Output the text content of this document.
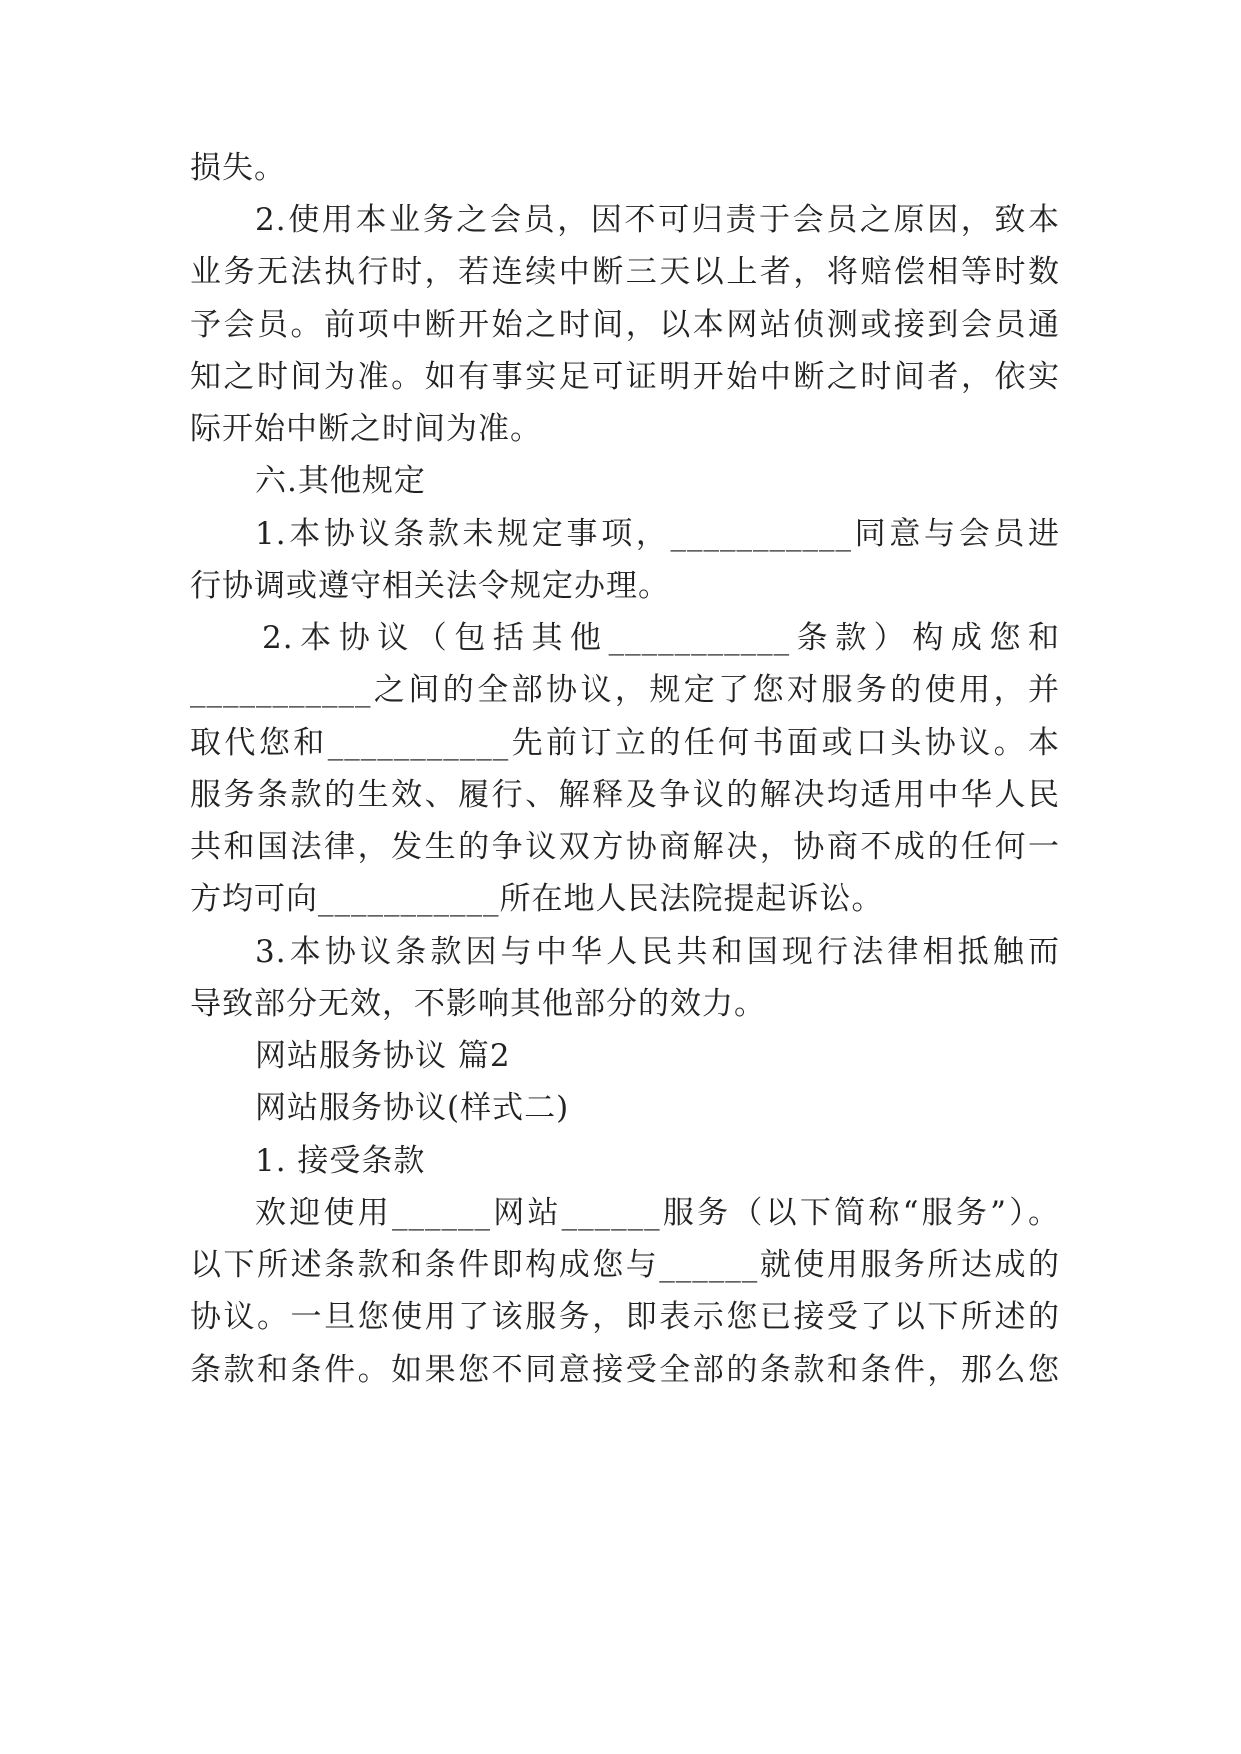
损失。
2.使用本业务之会员，因不可归责于会员之原因，致本
业务无法执行时，若连续中断三天以上者，将赔偿相等时数
予会员。前项中断开始之时间，以本网站侦测或接到会员通
知之时间为准。如有事实足可证明开始中断之时间者，依实
际开始中断之时间为准。
六.其他规定
1.本协议条款未规定事项，___________同意与会员进
行协调或遵守相关法令规定办理。
2.本协议（包括其他___________条款）构成您和
___________之间的全部协议，规定了您对服务的使用，并
取代您和___________先前订立的任何书面或口头协议。本
服务条款的生效、履行、解释及争议的解决均适用中华人民
共和国法律，发生的争议双方协商解决，协商不成的任何一
方均可向___________所在地人民法院提起诉讼。
3.本协议条款因与中华人民共和国现行法律相抵触而
导致部分无效，不影响其他部分的效力。
网站服务协议 篇2
网站服务协议(样式二)
1. 接受条款
欢迎使用______网站______服务（以下简称“服务”）。
以下所述条款和条件即构成您与______就使用服务所达成的
协议。一旦您使用了该服务，即表示您已接受了以下所述的
条款和条件。如果您不同意接受全部的条款和条件，那么您
